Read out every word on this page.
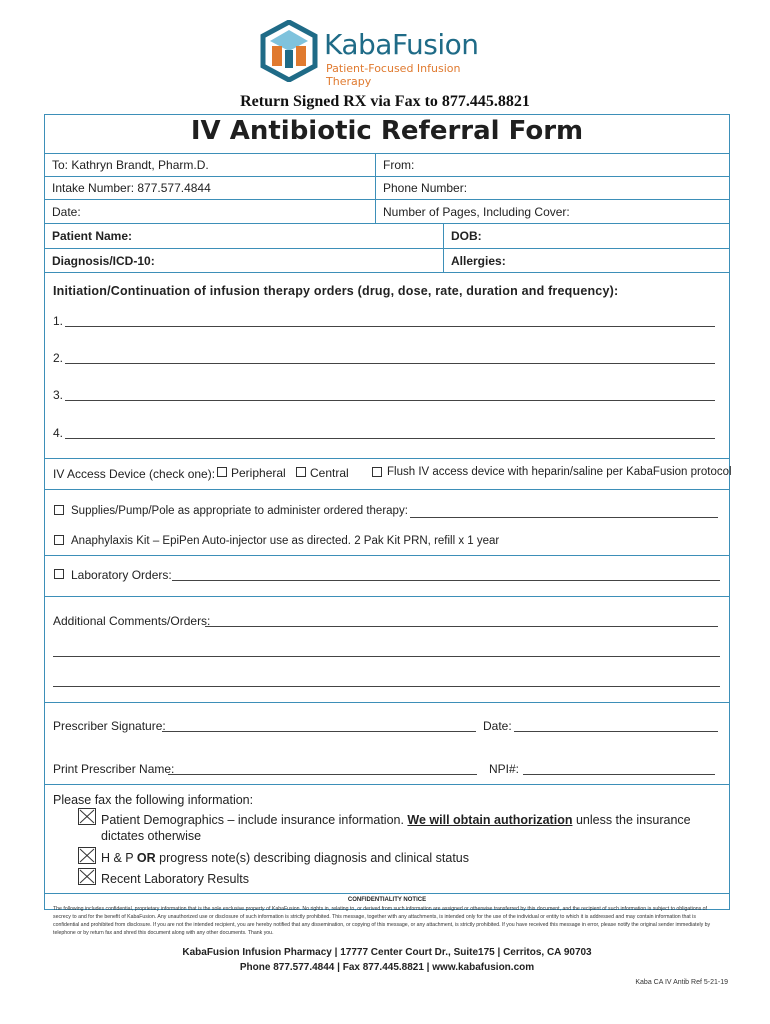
KabaFusion
Patient-Focused Infusion Therapy
Return Signed RX via Fax to 877.445.8821
IV Antibiotic Referral Form
To: Kathryn Brandt, Pharm.D.	From:
Intake Number: 877.577.4844	Phone Number:
Date:	Number of Pages, Including Cover:
Patient Name:	DOB:
Diagnosis/ICD-10:	Allergies:
Initiation/Continuation of infusion therapy orders (drug, dose, rate, duration and frequency):
1.
2.
3.
4.
IV Access Device (check one): Peripheral Central	Flush IV access device with heparin/saline per KabaFusion protocol
Supplies/Pump/Pole as appropriate to administer ordered therapy:
Anaphylaxis Kit – EpiPen Auto-injector use as directed. 2 Pak Kit PRN, refill x 1 year
Laboratory Orders:
Additional Comments/Orders:
Prescriber Signature:	Date:
Print Prescriber Name:	NPI#:
Please fax the following information:
Patient Demographics – include insurance information. We will obtain authorization unless the insurance
dictates otherwise
H & P OR progress note(s) describing diagnosis and clinical status
Recent Laboratory Results
CONFIDENTIALITY NOTICE
The following includes confidential, proprietary information that is the sole exclusive property of KabaFusion. No rights in, relating to, or derived from such information are assigned or otherwise transferred by this document, and the recipient of such information is subject to obligations of secrecy to and for the benefit of KabaFusion. Any unauthorized use or disclosure of such information is strictly prohibited. This message, together with any attachments, is intended only for the use of the individual or entity to which it is addressed and may contain information that is confidential and prohibited from disclosure. If you are not the intended recipient, you are hereby notified that any dissemination, or copying of this message, or any attachment, is strictly prohibited. If you have received this message in error, please notify the original sender immediately by telephone or by return fax and shred this document along with any other documents. Thank you.
KabaFusion Infusion Pharmacy | 17777 Center Court Dr., Suite175 | Cerritos, CA 90703
Phone 877.577.4844 | Fax 877.445.8821 | www.kabafusion.com
Kaba CA IV Antib Ref 5-21-19
